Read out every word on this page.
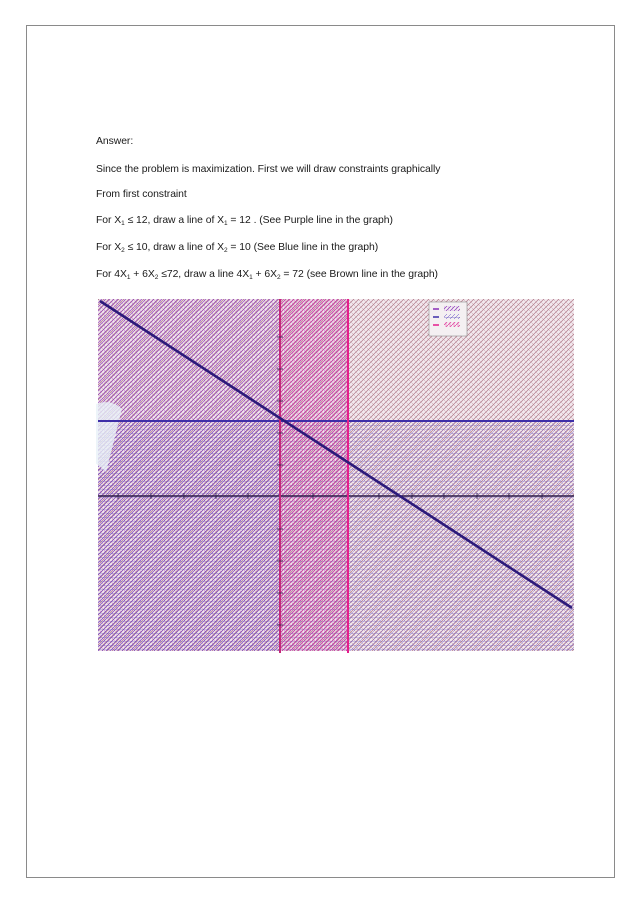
Answer:
Since the problem is maximization. First we will draw constraints graphically
From first constraint
For $X_1 \le 12$, draw a line of $X_1 = 12$ . (See Purple line in the graph)
For $X_2 \le 10$, draw a line of $X_2 = 10$ (See Blue line in the graph)
For $4X_1 + 6X_2 \le 72$, draw a line $4X_1 + 6X_2 = 72$ (see Brown line in the graph)
